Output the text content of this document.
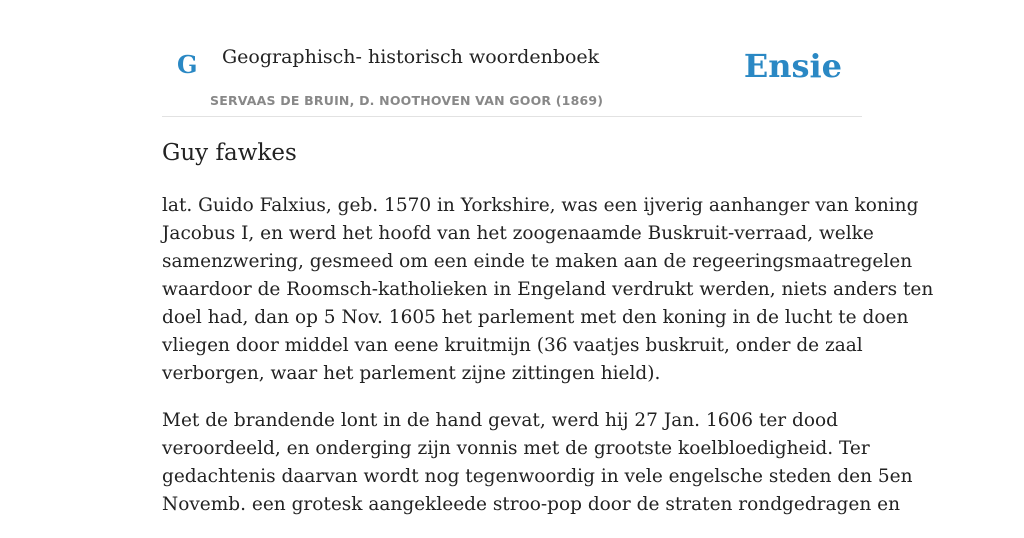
G Geographisch- historisch woordenboek
SERVAAS DE BRUIN, D. NOOTHOVEN VAN GOOR (1869)
Ensie
Guy fawkes

lat. Guido Falxius, geb. 1570 in Yorkshire, was een ijverig aanhanger van koning
Jacobus I, en werd het hoofd van het zoogenaamde Buskruit-verraad, welke
samenzwering, gesmeed om een einde te maken aan de regeeringsmaatregelen
waardoor de Roomsch-katholieken in Engeland verdrukt werden, niets anders ten
doel had, dan op 5 Nov. 1605 het parlement met den koning in de lucht te doen
vliegen door middel van eene kruitmijn (36 vaatjes buskruit, onder de zaal
verborgen, waar het parlement zijne zittingen hield).

Met de brandende lont in de hand gevat, werd hij 27 Jan. 1606 ter dood
veroordeeld, en onderging zijn vonnis met de grootste koelbloedigheid. Ter
gedachtenis daarvan wordt nog tegenwoordig in vele engelsche steden den 5en
Novemb. een grotesk aangekleede stroo-pop door de straten rondgedragen en
